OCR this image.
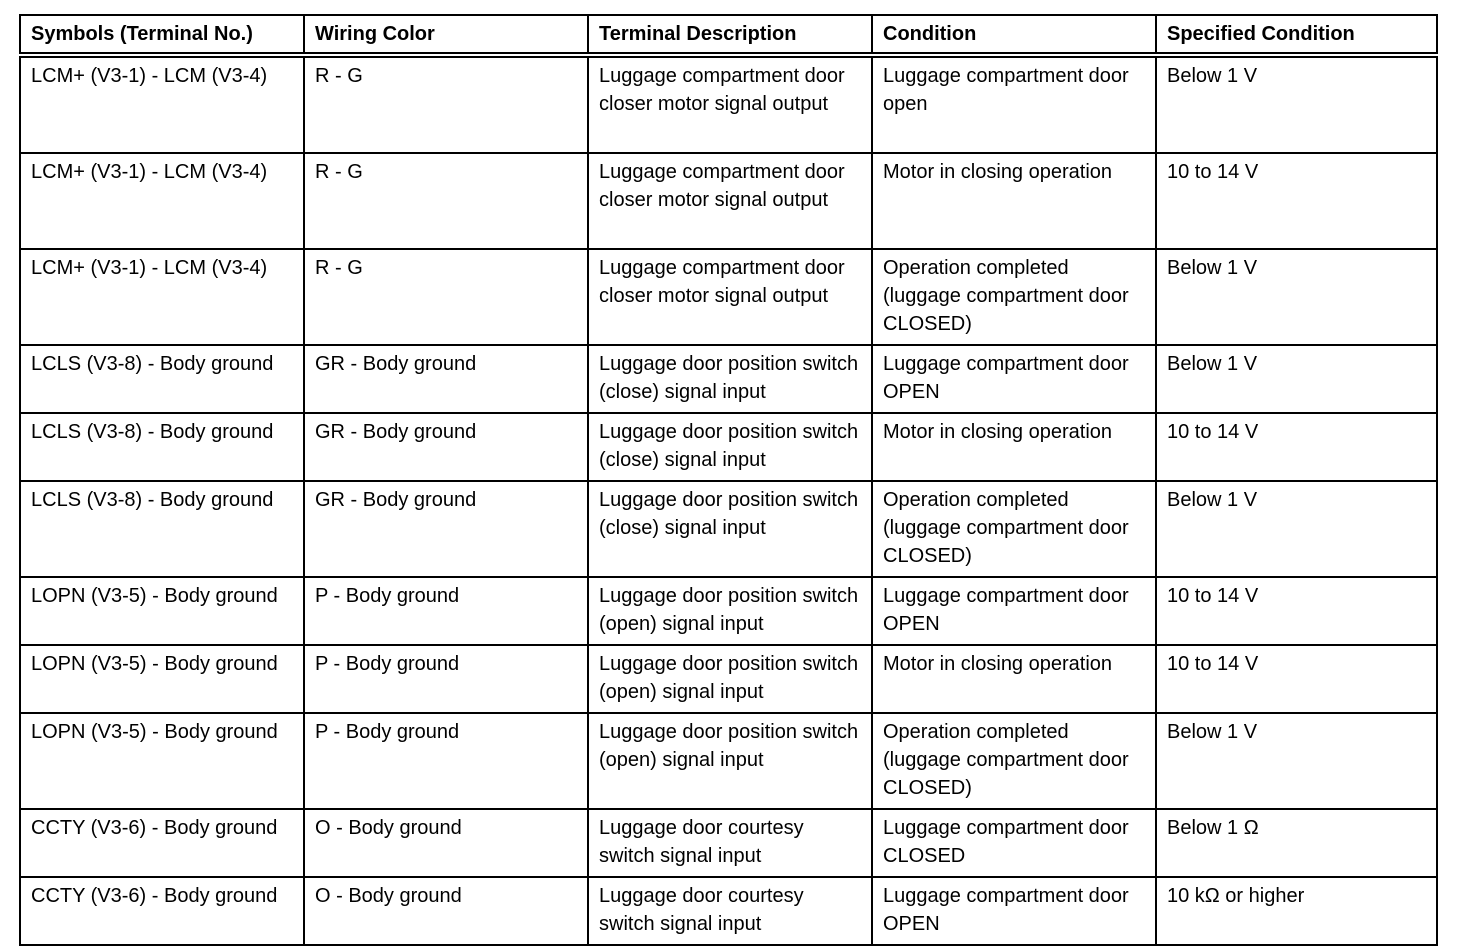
Symbols (Terminal No.)	Wiring Color	Terminal Description	Condition	Specified Condition
LCM+ (V3-1) - LCM (V3-4)	R - G	Luggage compartment door closer motor signal output	Luggage compartment door open	Below 1 V
LCM+ (V3-1) - LCM (V3-4)	R - G	Luggage compartment door closer motor signal output	Motor in closing operation	10 to 14 V
LCM+ (V3-1) - LCM (V3-4)	R - G	Luggage compartment door closer motor signal output	Operation completed (luggage compartment door CLOSED)	Below 1 V
LCLS (V3-8) - Body ground	GR - Body ground	Luggage door position switch (close) signal input	Luggage compartment door OPEN	Below 1 V
LCLS (V3-8) - Body ground	GR - Body ground	Luggage door position switch (close) signal input	Motor in closing operation	10 to 14 V
LCLS (V3-8) - Body ground	GR - Body ground	Luggage door position switch (close) signal input	Operation completed (luggage compartment door CLOSED)	Below 1 V
LOPN (V3-5) - Body ground	P - Body ground	Luggage door position switch (open) signal input	Luggage compartment door OPEN	10 to 14 V
LOPN (V3-5) - Body ground	P - Body ground	Luggage door position switch (open) signal input	Motor in closing operation	10 to 14 V
LOPN (V3-5) - Body ground	P - Body ground	Luggage door position switch (open) signal input	Operation completed (luggage compartment door CLOSED)	Below 1 V
CCTY (V3-6) - Body ground	O - Body ground	Luggage door courtesy switch signal input	Luggage compartment door CLOSED	Below 1 Ω
CCTY (V3-6) - Body ground	O - Body ground	Luggage door courtesy switch signal input	Luggage compartment door OPEN	10 kΩ or higher
